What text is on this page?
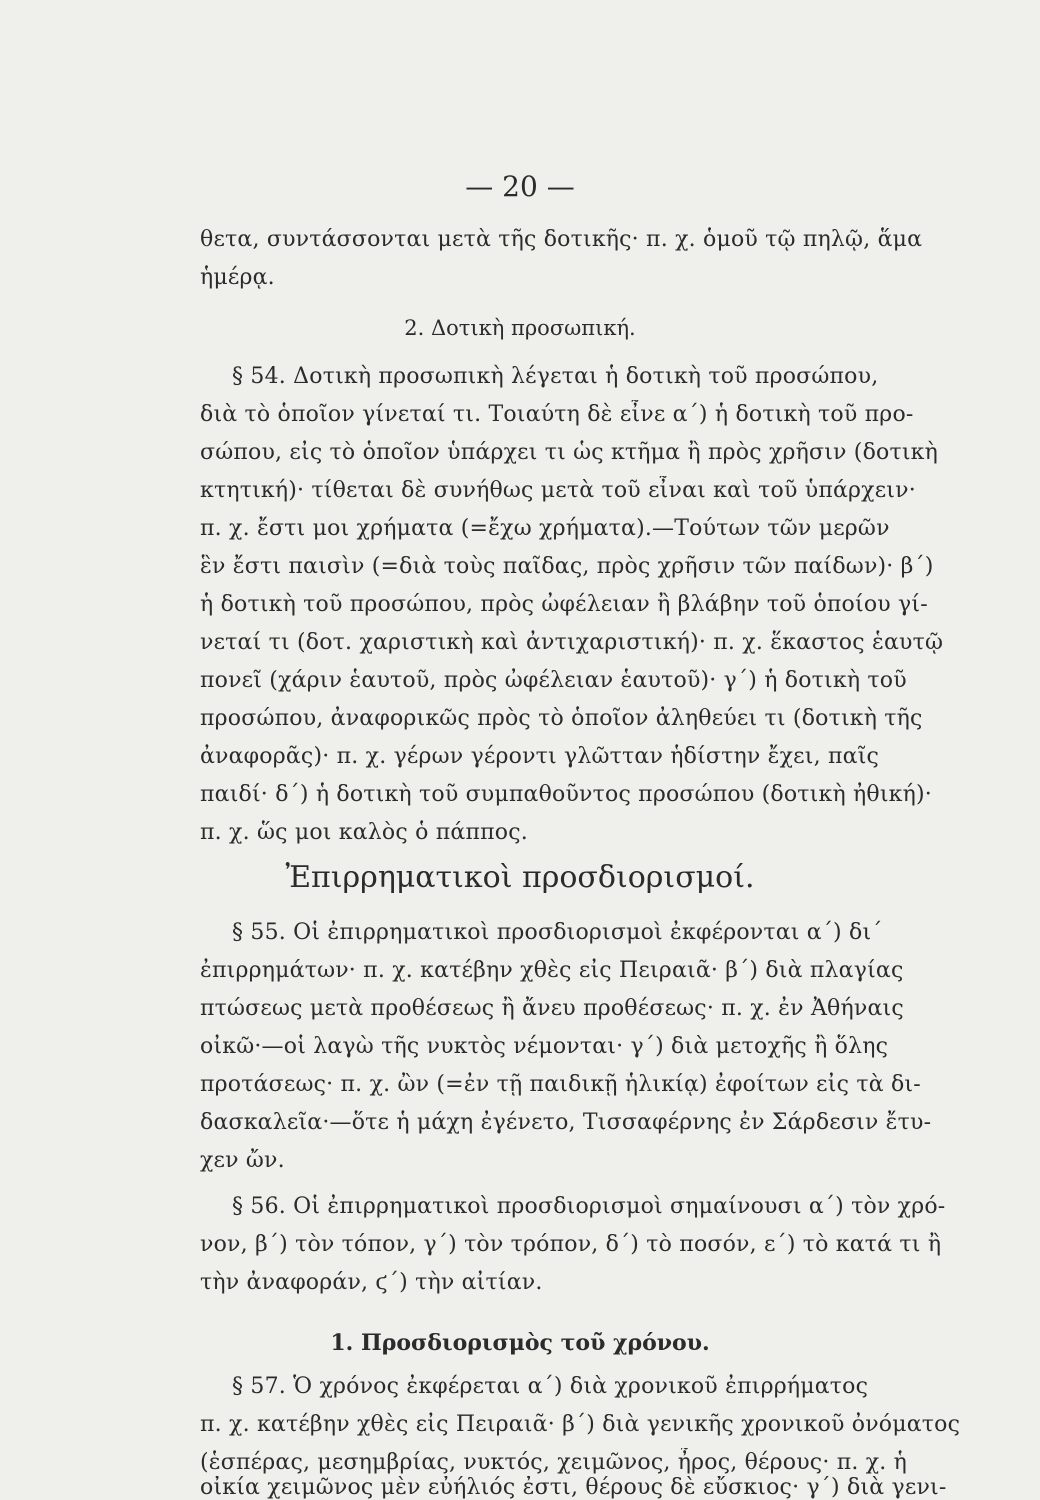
— 20 —
θετα, συντάσσονται μετὰ τῆς δοτικῆς· π. χ. ὁμοῦ τῷ πηλῷ, ἅμα
ἡμέρᾳ.
2. Δοτικὴ προσωπική.
§ 54. Δοτικὴ προσωπικὴ λέγεται ἡ δοτικὴ τοῦ προσώπου,
διὰ τὸ ὁποῖον γίνεταί τι. Τοιαύτη δὲ εἶνε α΄) ἡ δοτικὴ τοῦ προ-
σώπου, εἰς τὸ ὁποῖον ὑπάρχει τι ὡς κτῆμα ἢ πρὸς χρῆσιν (δοτικὴ
κτητική)· τίθεται δὲ συνήθως μετὰ τοῦ εἶναι καὶ τοῦ ὑπάρχειν·
π. χ. ἔστι μοι χρήματα (=ἔχω χρήματα).—Τούτων τῶν μερῶν
ἓν ἔστι παισὶν (=διὰ τοὺς παῖδας, πρὸς χρῆσιν τῶν παίδων)· β΄)
ἡ δοτικὴ τοῦ προσώπου, πρὸς ὠφέλειαν ἢ βλάβην τοῦ ὁποίου γί-
νεταί τι (δοτ. χαριστικὴ καὶ ἀντιχαριστική)· π. χ. ἕκαστος ἑαυτῷ
πονεῖ (χάριν ἑαυτοῦ, πρὸς ὠφέλειαν ἑαυτοῦ)· γ΄) ἡ δοτικὴ τοῦ
προσώπου, ἀναφορικῶς πρὸς τὸ ὁποῖον ἀληθεύει τι (δοτικὴ τῆς
ἀναφορᾶς)· π. χ. γέρων γέροντι γλῶτταν ἡδίστην ἔχει, παῖς
παιδί· δ΄) ἡ δοτικὴ τοῦ συμπαθοῦντος προσώπου (δοτικὴ ἠθική)·
π. χ. ὥς μοι καλὸς ὁ πάππος.
Ἐπιρρηματικοὶ προσδιορισμοί.
§ 55. Οἱ ἐπιρρηματικοὶ προσδιορισμοὶ ἐκφέρονται α΄) δι΄
ἐπιρρημάτων· π. χ. κατέβην χθὲς εἰς Πειραιᾶ· β΄) διὰ πλαγίας
πτώσεως μετὰ προθέσεως ἢ ἄνευ προθέσεως· π. χ. ἐν Ἀθήναις
οἰκῶ·—οἱ λαγὼ τῆς νυκτὸς νέμονται· γ΄) διὰ μετοχῆς ἢ ὅλης
προτάσεως· π. χ. ὢν (=ἐν τῇ παιδικῇ ἡλικίᾳ) ἐφοίτων εἰς τὰ δι-
δασκαλεῖα·—ὅτε ἡ μάχη ἐγένετο, Τισσαφέρνης ἐν Σάρδεσιν ἔτυ-
χεν ὤν.
§ 56. Οἱ ἐπιρρηματικοὶ προσδιορισμοὶ σημαίνουσι α΄) τὸν χρό-
νον, β΄) τὸν τόπον, γ΄) τὸν τρόπον, δ΄) τὸ ποσόν, ε΄) τὸ κατά τι ἢ
τὴν ἀναφοράν, ϛ΄) τὴν αἰτίαν.
1. Προσδιορισμὸς τοῦ χρόνου.
§ 57. Ὁ χρόνος ἐκφέρεται α΄) διὰ χρονικοῦ ἐπιρρήματος
π. χ. κατέβην χθὲς εἰς Πειραιᾶ· β΄) διὰ γενικῆς χρονικοῦ ὀνόματος
(ἑσπέρας, μεσημβρίας, νυκτός, χειμῶνος, ἦρος, θέρους· π. χ. ἡ
οἰκία χειμῶνος μὲν εὐήλιός ἐστι, θέρους δὲ εὔσκιος· γ΄) διὰ γενι-
